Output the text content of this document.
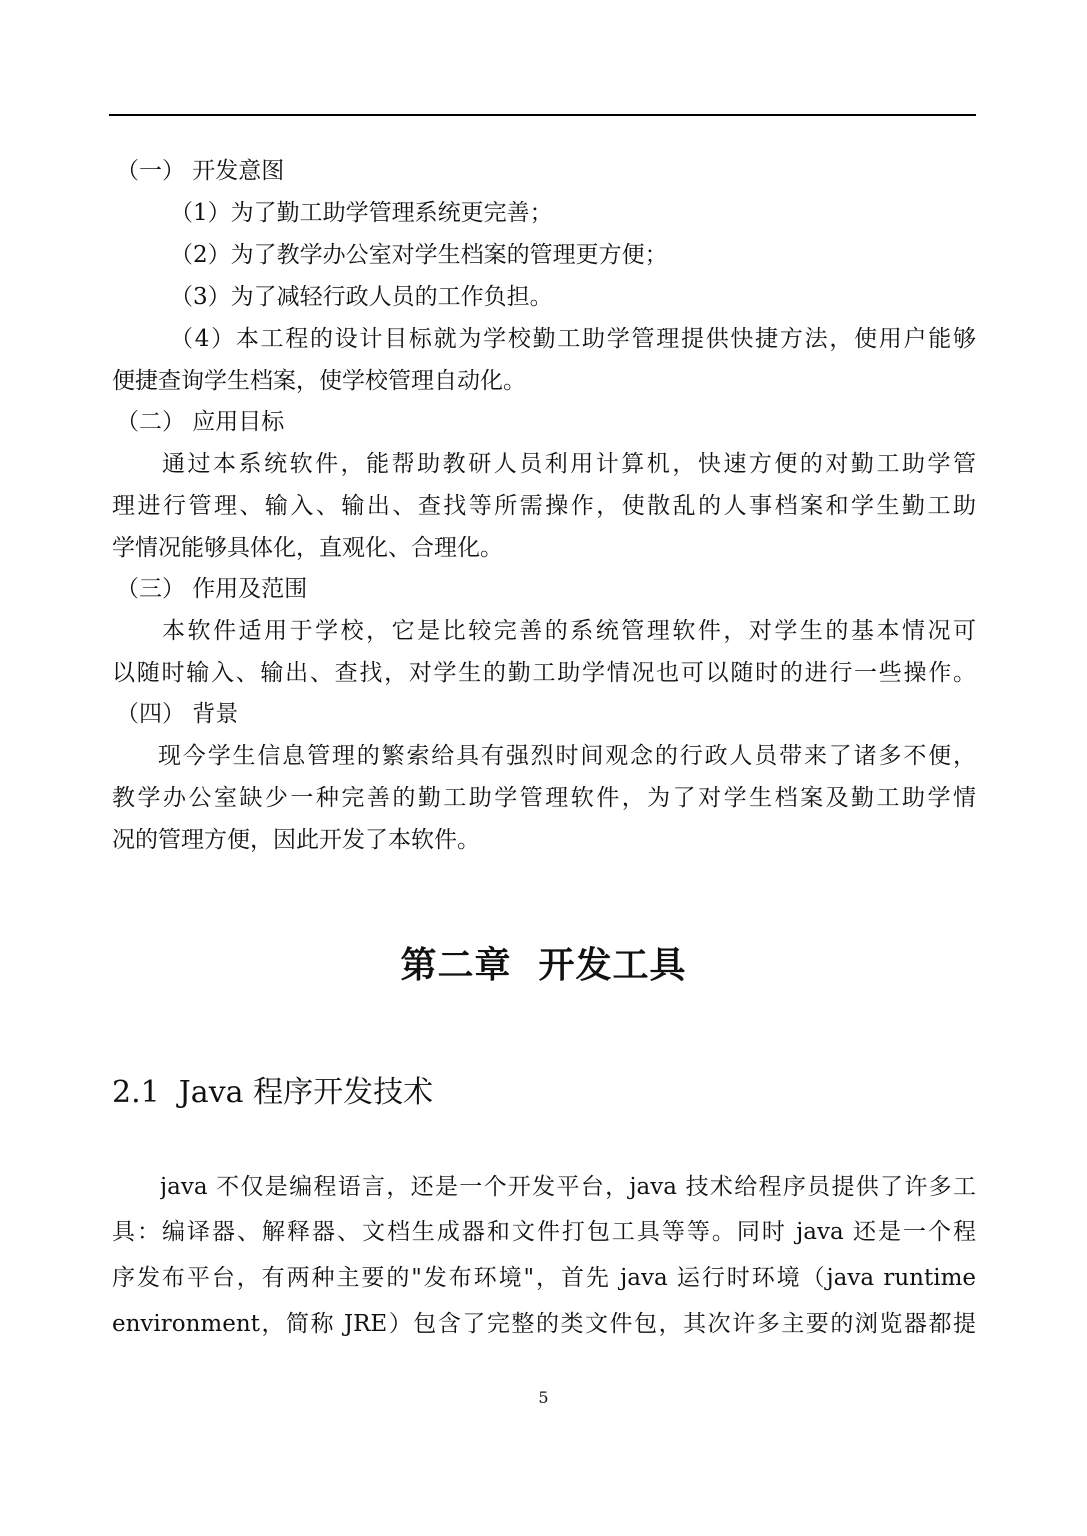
（一） 开发意图
（1）为了勤工助学管理系统更完善；
（2）为了教学办公室对学生档案的管理更方便；
（3）为了减轻行政人员的工作负担。
（4）本工程的设计目标就为学校勤工助学管理提供快捷方法，使用户能够
便捷查询学生档案，使学校管理自动化。
（二） 应用目标
通过本系统软件，能帮助教研人员利用计算机，快速方便的对勤工助学管
理进行管理、输入、输出、查找等所需操作，使散乱的人事档案和学生勤工助
学情况能够具体化，直观化、合理化。
（三） 作用及范围
本软件适用于学校，它是比较完善的系统管理软件，对学生的基本情况可
以随时输入、输出、查找，对学生的勤工助学情况也可以随时的进行一些操作。
（四） 背景
现今学生信息管理的繁索给具有强烈时间观念的行政人员带来了诸多不便，
教学办公室缺少一种完善的勤工助学管理软件，为了对学生档案及勤工助学情
况的管理方便，因此开发了本软件。
第二章  开发工具
2.1  Java 程序开发技术
java 不仅是编程语言，还是一个开发平台，java 技术给程序员提供了许多工
具：编译器、解释器、文档生成器和文件打包工具等等。同时 java 还是一个程
序发布平台，有两种主要的"发布环境"，首先 java 运行时环境（java runtime
environment，简称 JRE）包含了完整的类文件包，其次许多主要的浏览器都提
5
